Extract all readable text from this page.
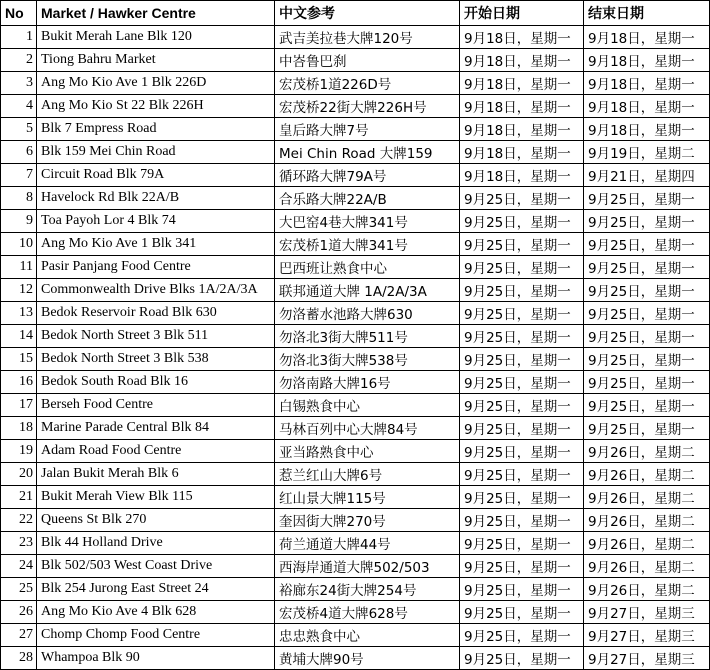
No	Market / Hawker Centre	中文参考	开始日期	结束日期
1	Bukit Merah Lane Blk 120	武吉美拉巷大牌120号	9月18日，星期一	9月18日，星期一
2	Tiong Bahru Market	中峇鲁巴刹	9月18日，星期一	9月18日，星期一
3	Ang Mo Kio Ave 1 Blk 226D	宏茂桥1道226D号	9月18日，星期一	9月18日，星期一
4	Ang Mo Kio St 22 Blk 226H	宏茂桥22街大牌226H号	9月18日，星期一	9月18日，星期一
5	Blk 7 Empress Road	皇后路大牌7号	9月18日，星期一	9月18日，星期一
6	Blk 159 Mei Chin Road	Mei Chin Road 大牌159	9月18日，星期一	9月19日，星期二
7	Circuit Road Blk 79A	循环路大牌79A号	9月18日，星期一	9月21日，星期四
8	Havelock Rd Blk 22A/B	合乐路大牌22A/B	9月25日，星期一	9月25日，星期一
9	Toa Payoh Lor 4 Blk 74	大巴窑4巷大牌341号	9月25日，星期一	9月25日，星期一
10	Ang Mo Kio Ave 1 Blk 341	宏茂桥1道大牌341号	9月25日，星期一	9月25日，星期一
11	Pasir Panjang Food Centre	巴西班让熟食中心	9月25日，星期一	9月25日，星期一
12	Commonwealth Drive Blks 1A/2A/3A	联邦通道大牌 1A/2A/3A	9月25日，星期一	9月25日，星期一
13	Bedok Reservoir Road Blk 630	勿洛蓄水池路大牌630	9月25日，星期一	9月25日，星期一
14	Bedok North Street 3 Blk 511	勿洛北3街大牌511号	9月25日，星期一	9月25日，星期一
15	Bedok North Street 3 Blk 538	勿洛北3街大牌538号	9月25日，星期一	9月25日，星期一
16	Bedok South Road Blk 16	勿洛南路大牌16号	9月25日，星期一	9月25日，星期一
17	Berseh Food Centre	白锡熟食中心	9月25日，星期一	9月25日，星期一
18	Marine Parade Central Blk 84	马林百列中心大牌84号	9月25日，星期一	9月25日，星期一
19	Adam Road Food Centre	亚当路熟食中心	9月25日，星期一	9月26日，星期二
20	Jalan Bukit Merah Blk 6	惹兰红山大牌6号	9月25日，星期一	9月26日，星期二
21	Bukit Merah View Blk 115	红山景大牌115号	9月25日，星期一	9月26日，星期二
22	Queens St Blk 270	奎因街大牌270号	9月25日，星期一	9月26日，星期二
23	Blk 44 Holland Drive	荷兰通道大牌44号	9月25日，星期一	9月26日，星期二
24	Blk 502/503 West Coast Drive	西海岸通道大牌502/503	9月25日，星期一	9月26日，星期二
25	Blk 254 Jurong East Street 24	裕廊东24街大牌254号	9月25日，星期一	9月26日，星期二
26	Ang Mo Kio Ave 4 Blk 628	宏茂桥4道大牌628号	9月25日，星期一	9月27日，星期三
27	Chomp Chomp Food Centre	忠忠熟食中心	9月25日，星期一	9月27日，星期三
28	Whampoa Blk 90	黄埔大牌90号	9月25日，星期一	9月27日，星期三
